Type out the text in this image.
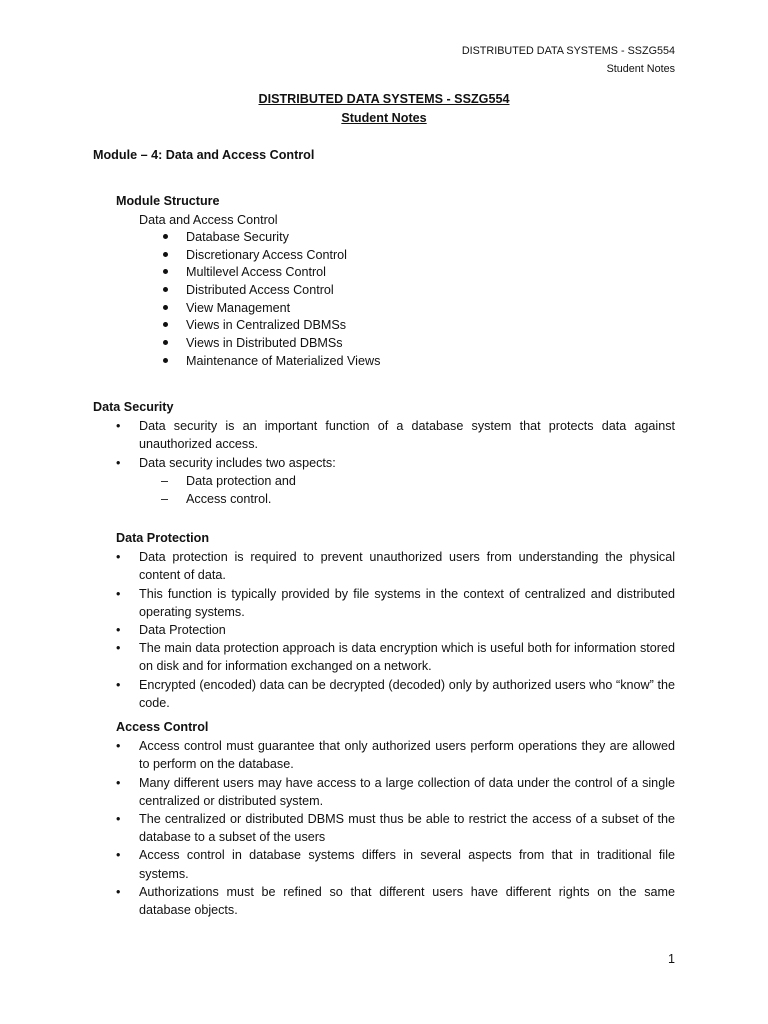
DISTRIBUTED DATA SYSTEMS - SSZG554
Student Notes
DISTRIBUTED DATA SYSTEMS - SSZG554
Student Notes
Module – 4: Data and Access Control
Module Structure
Data and Access Control
Database Security
Discretionary Access Control
Multilevel Access Control
Distributed Access Control
View Management
Views in Centralized DBMSs
Views in Distributed DBMSs
Maintenance of Materialized Views
Data Security
• Data security is an important function of a database system that protects data against unauthorized access.
• Data security includes two aspects:
– Data protection and
– Access control.
Data Protection
• Data protection is required to prevent unauthorized users from understanding the physical content of data.
• This function is typically provided by file systems in the context of centralized and distributed operating systems.
• Data Protection
• The main data protection approach is data encryption which is useful both for information stored on disk and for information exchanged on a network.
• Encrypted (encoded) data can be decrypted (decoded) only by authorized users who “know” the code.
Access Control
• Access control must guarantee that only authorized users perform operations they are allowed to perform on the database.
• Many different users may have access to a large collection of data under the control of a single centralized or distributed system.
• The centralized or distributed DBMS must thus be able to restrict the access of a subset of the database to a subset of the users
• Access control in database systems differs in several aspects from that in traditional file systems.
• Authorizations must be refined so that different users have different rights on the same database objects.
1
